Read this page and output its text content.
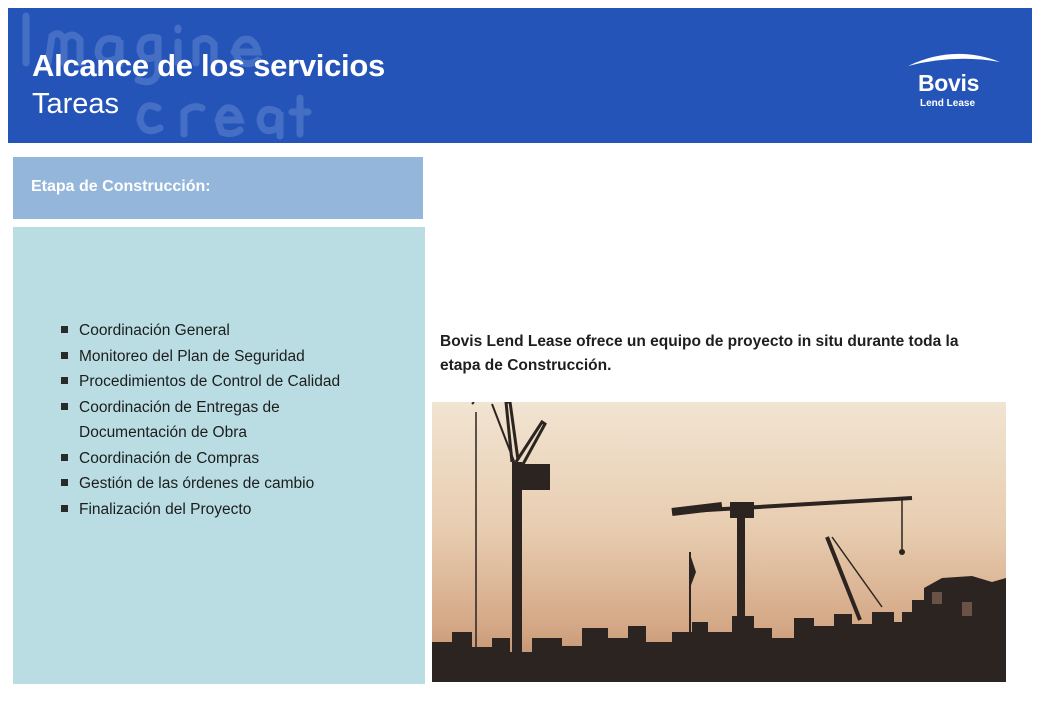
Alcance de los servicios
Tareas
Bovis
Lend Lease
Etapa de Construcción:
Coordinación General
Monitoreo del Plan de Seguridad
Procedimientos de Control de Calidad
Coordinación de Entregas de Documentación de Obra
Coordinación de Compras
Gestión de las órdenes de cambio
Finalización del Proyecto
Bovis Lend Lease ofrece un equipo de proyecto in situ durante toda la etapa de Construcción.
